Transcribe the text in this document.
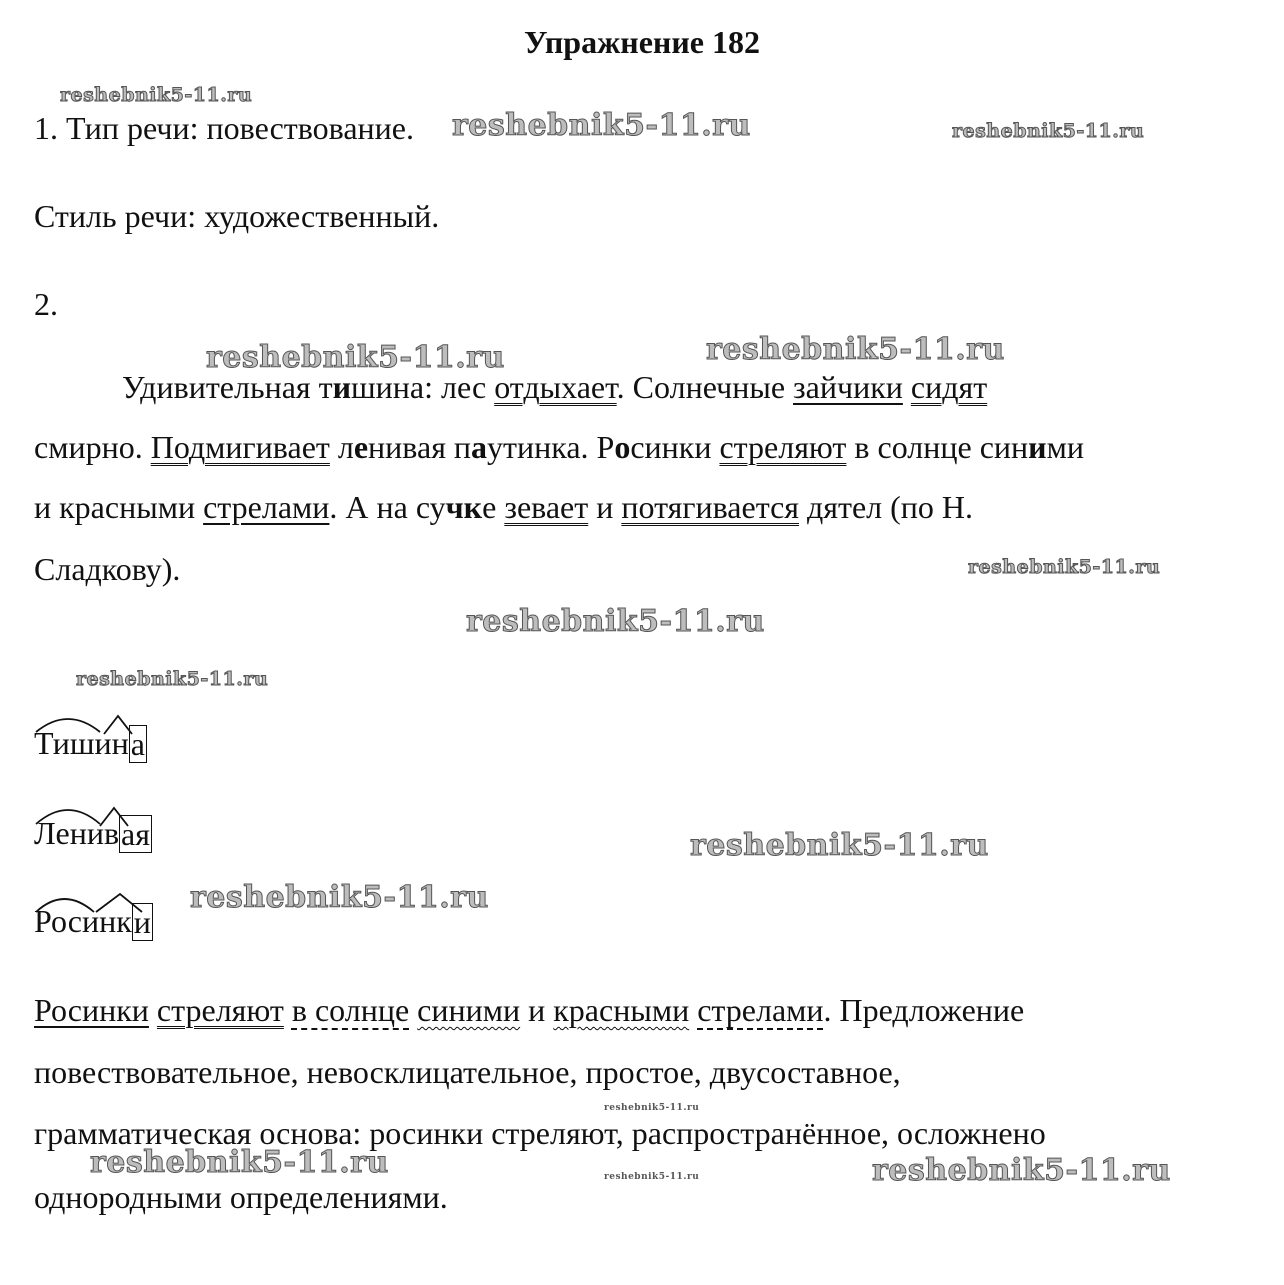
Упражнение 182
1. Тип речи: повествование.
Стиль речи: художественный.
2.
Удивительная тишина: лес отдыхает. Солнечные зайчики сидят
смирно. Подмигивает ленивая паутинка. Росинки стреляют в солнце синими
и красными стрелами. А на сучке зевает и потягивается дятел (по Н.
Сладкову).
Тишина
Ленивая
Росинки
Росинки стреляют в солнце синими и красными стрелами. Предложение
повествовательное, невосклицательное, простое, двусоставное,
грамматическая основа: росинки стреляют, распространённое, осложнено
однородными определениями.
reshebnik5-11.ru
reshebnik5-11.ru	reshebnik5-11.ru
reshebnik5-11.ru	reshebnik5-11.ru
reshebnik5-11.ru
reshebnik5-11.ru
reshebnik5-11.ru
reshebnik5-11.ru
reshebnik5-11.ru
reshebnik5-11.ru
reshebnik5-11.ru	reshebnik5-11.ru	reshebnik5-11.ru
